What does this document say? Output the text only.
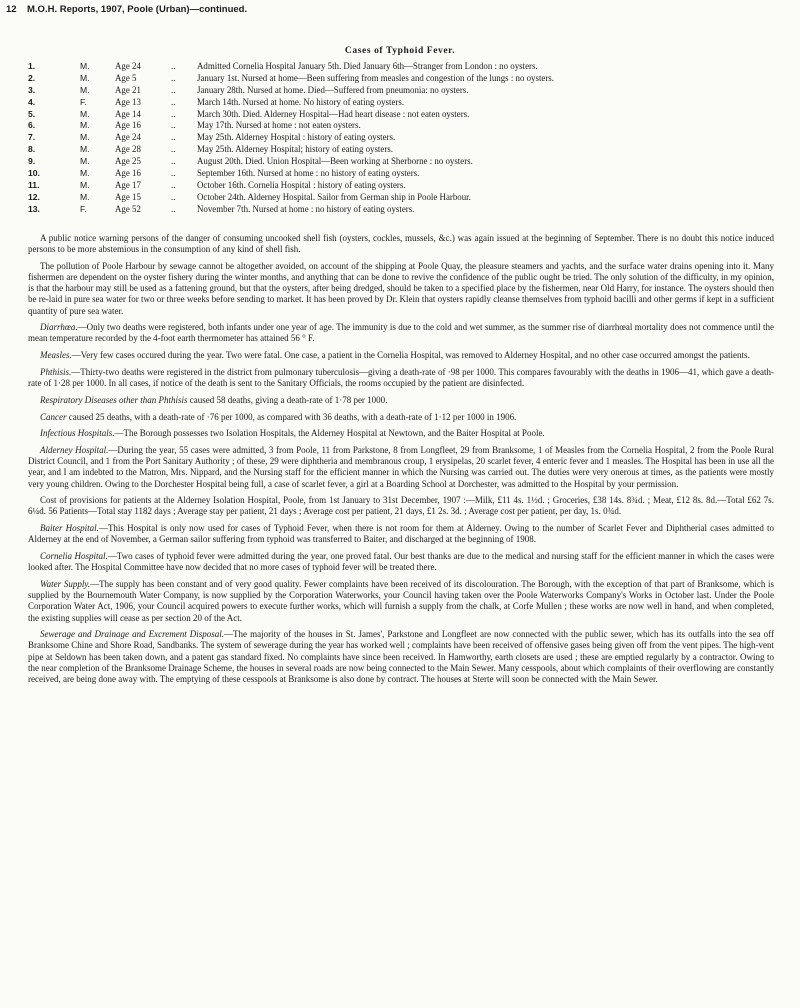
12 M.O.H. Reports, 1907, Poole (Urban)—continued.
Cases of Typhoid Fever.
1.	M.	Age 24	..	Admitted Cornelia Hospital January 5th. Died January 6th—Stranger from London : no oysters.
2.	M.	Age 5	..	January 1st. Nursed at home—Been suffering from measles and congestion of the lungs : no oysters.
3.	M.	Age 21	..	January 28th. Nursed at home. Died—Suffered from pneumonia: no oysters.
4.	F.	Age 13	..	March 14th. Nursed at home. No history of eating oysters.
5.	M.	Age 14	..	March 30th. Died. Alderney Hospital—Had heart disease : not eaten oysters.
6.	M.	Age 16	..	May 17th. Nursed at home : not eaten oysters.
7.	M.	Age 24	..	May 25th. Alderney Hospital : history of eating oysters.
8.	M.	Age 28	..	May 25th. Alderney Hospital; history of eating oysters.
9.	M.	Age 25	..	August 20th. Died. Union Hospital—Been working at Sherborne : no oysters.
10.	M.	Age 16	..	September 16th. Nursed at home : no history of eating oysters.
11.	M.	Age 17	..	October 16th. Cornelia Hospital : history of eating oysters.
12.	M.	Age 15	..	October 24th. Alderney Hospital. Sailor from German ship in Poole Harbour.
13.	F.	Age 52	..	November 7th. Nursed at home : no history of eating oysters.

A public notice warning persons of the danger of consuming uncooked shell fish (oysters, cockles, mussels, &c.) was again issued at the beginning of September. There is no doubt this notice induced persons to be more abstemious in the consumption of any kind of shell fish.

The pollution of Poole Harbour by sewage cannot be altogether avoided, on account of the shipping at Poole Quay, the pleasure steamers and yachts, and the surface water drains opening into it. Many fishermen are dependent on the oyster fishery during the winter months, and anything that can be done to revive the confidence of the public ought be tried. The only solution of the difficulty, in my opinion, is that the harbour may still be used as a fattening ground, but that the oysters, after being dredged, should be taken to a specified place by the fishermen, near Old Harry, for instance. The oysters should then be re-laid in pure sea water for two or three weeks before sending to market. It has been proved by Dr. Klein that oysters rapidly cleanse themselves from typhoid bacilli and other germs if kept in a sufficient quantity of pure sea water.

Diarrhœa.—Only two deaths were registered, both infants under one year of age. The immunity is due to the cold and wet summer, as the summer rise of diarrhœal mortality does not commence until the mean temperature recorded by the 4-foot earth thermometer has attained 56 ° F.

Measles.—Very few cases occured during the year. Two were fatal. One case, a patient in the Cornelia Hospital, was removed to Alderney Hospital, and no other case occurred amongst the patients.

Phthisis.—Thirty-two deaths were registered in the district from pulmonary tuberculosis—giving a death-rate of ·98 per 1000. This compares favourably with the deaths in 1906—41, which gave a death-rate of 1·28 per 1000. In all cases, if notice of the death is sent to the Sanitary Officials, the rooms occupied by the patient are disinfected.

Respiratory Diseases other than Phthisis caused 58 deaths, giving a death-rate of 1·78 per 1000.

Cancer caused 25 deaths, with a death-rate of ·76 per 1000, as compared with 36 deaths, with a death-rate of 1·12 per 1000 in 1906.

Infectious Hospitals.—The Borough possesses two Isolation Hospitals, the Alderney Hospital at Newtown, and the Baiter Hospital at Poole.

Alderney Hospital.—During the year, 55 cases were admitted, 3 from Poole, 11 from Parkstone, 8 from Longfleet, 29 from Branksome, 1 of Measles from the Cornelia Hospital, 2 from the Poole Rural District Council, and 1 from the Port Sanitary Authority ; of these, 29 were diphtheria and membranous croup, 1 erysipelas, 20 scarlet fever, 4 enteric fever and 1 measles. The Hospital has been in use all the year, and I am indebted to the Matron, Mrs. Nippard, and the Nursing staff for the efficient manner in which the Nursing was carried out. The duties were very onerous at times, as the patients were mostly very young children. Owing to the Dorchester Hospital being full, a case of scarlet fever, a girl at a Boarding School at Dorchester, was admitted to the Hospital by your permission.

Cost of provisions for patients at the Alderney Isolation Hospital, Poole, from 1st January to 31st December, 1907 :—Milk, £11 4s. 1½d. ; Groceries, £38 14s. 8¾d. ; Meat, £12 8s. 8d.—Total £62 7s. 6¼d. 56 Patients—Total stay 1182 days ; Average stay per patient, 21 days ; Average cost per patient, 21 days, £1 2s. 3d. ; Average cost per patient, per day, 1s. 0¾d.

Baiter Hospital.—This Hospital is only now used for cases of Typhoid Fever, when there is not room for them at Alderney. Owing to the number of Scarlet Fever and Diphtherial cases admitted to Alderney at the end of November, a German sailor suffering from typhoid was transferred to Baiter, and discharged at the beginning of 1908.

Cornelia Hospital.—Two cases of typhoid fever were admitted during the year, one proved fatal. Our best thanks are due to the medical and nursing staff for the efficient manner in which the cases were looked after. The Hospital Committee have now decided that no more cases of typhoid fever will be treated there.

Water Supply.—The supply has been constant and of very good quality. Fewer complaints have been received of its discolouration. The Borough, with the exception of that part of Branksome, which is supplied by the Bournemouth Water Company, is now supplied by the Corporation Waterworks, your Council having taken over the Poole Waterworks Company's Works in October last. Under the Poole Corporation Water Act, 1906, your Council acquired powers to execute further works, which will furnish a supply from the chalk, at Corfe Mullen ; these works are now well in hand, and when completed, the existing supplies will cease as per section 20 of the Act.

Sewerage and Drainage and Excrement Disposal.—The majority of the houses in St. James', Parkstone and Longfleet are now connected with the public sewer, which has its outfalls into the sea off Branksome Chine and Shore Road, Sandbanks. The system of sewerage during the year has worked well ; complaints have been received of offensive gases being given off from the vent pipes. The high-vent pipe at Seldown has been taken down, and a patent gas standard fixed. No complaints have since been received. In Hamworthy, earth closets are used ; these are emptied regularly by a contractor. Owing to the near completion of the Branksome Drainage Scheme, the houses in several roads are now being connected to the Main Sewer. Many cesspools, about which complaints of their overflowing are constantly received, are being done away with. The emptying of these cesspools at Branksome is also done by contract. The houses at Sterte will soon be connected with the Main Sewer.
